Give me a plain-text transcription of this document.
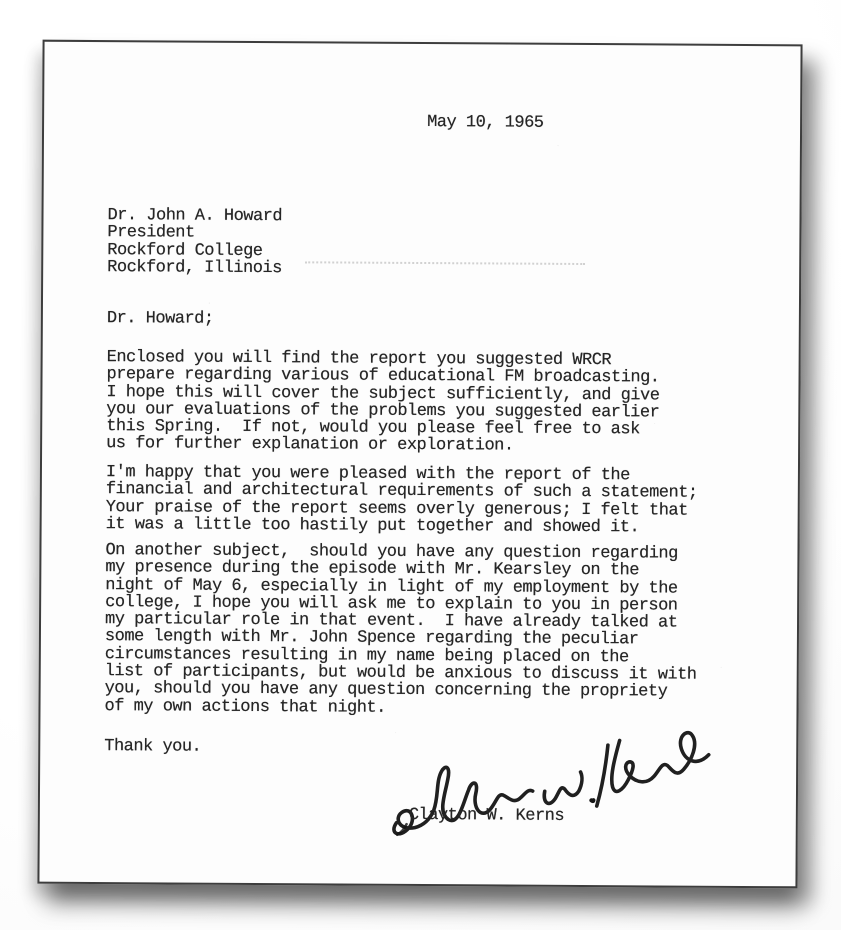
May 10, 1965
Dr. John A. Howard
President
Rockford College
Rockford, Illinois
Dr. Howard;
Enclosed you will find the report you suggested WRCR
prepare regarding various of educational FM broadcasting.
I hope this will cover the subject sufficiently, and give
you our evaluations of the problems you suggested earlier
this Spring.  If not, would you please feel free to ask
us for further explanation or exploration.
I'm happy that you were pleased with the report of the
financial and architectural requirements of such a statement;
Your praise of the report seems overly generous; I felt that
it was a little too hastily put together and showed it.
On another subject,  should you have any question regarding
my presence during the episode with Mr. Kearsley on the
night of May 6, especially in light of my employment by the
college, I hope you will ask me to explain to you in person
my particular role in that event.  I have already talked at
some length with Mr. John Spence regarding the peculiar
circumstances resulting in my name being placed on the
list of participants, but would be anxious to discuss it with
you, should you have any question concerning the propriety
of my own actions that night.
Thank you.
Clayton W. Kerns
